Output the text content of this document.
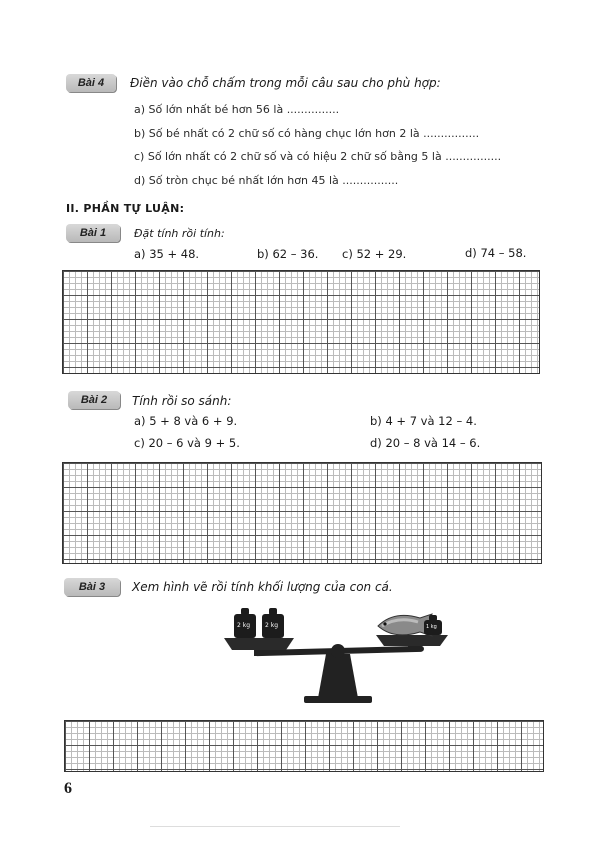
Bài 4	Điền vào chỗ chấm trong mỗi câu sau cho phù hợp:
a) Số lớn nhất bé hơn 56 là ...............
b) Số bé nhất có 2 chữ số có hàng chục lớn hơn 2 là ................
c) Số lớn nhất có 2 chữ số và có hiệu 2 chữ số bằng 5 là ................
d) Số tròn chục bé nhất lớn hơn 45 là ................
II. PHẦN TỰ LUẬN:
Bài 1	Đặt tính rồi tính:
a) 35 + 48.	b) 62 – 36. c) 52 + 29.	d) 74 – 58.
Bài 2	Tính rồi so sánh:
a) 5 + 8 và 6 + 9.	b) 4 + 7 và 12 – 4.
c) 20 – 6 và 9 + 5.	d) 20 – 8 và 14 – 6.
Bài 3	Xem hình vẽ rồi tính khối lượng của con cá.
2 kg 2 kg	1 kg
6
